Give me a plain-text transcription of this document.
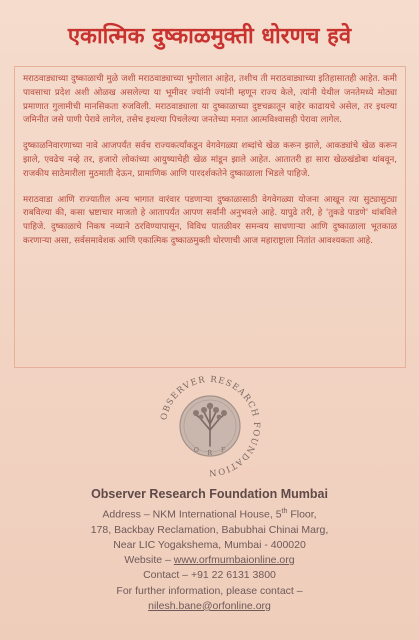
एकात्मिक दुष्काळमुक्ती धोरणच हवे

मराठवाड्याच्या दुष्काळाची मुळे जशी मराठवाड्याच्या भुगोलात आहेत, तशीच ती मराठवाड्याच्या इतिहासातही आहेत. कमी पावसाचा प्रदेश अशी ओळख असलेल्या या भूमीवर ज्यांनी ज्यांनी म्हणून राज्य केले, त्यांनी येथील जनतेमध्ये मोठ्या प्रमाणात गुलामीची मानसिकता रुजविली. मराठवाड्याला या दुष्काळाच्या दुष्टचक्रातून बाहेर काढायचे असेल, तर इथल्या जमिनीत जसे पाणी पेरावे लागेल, तसेच इथल्या पिचलेल्या जनतेच्या मनात आत्मविश्वासही पेरावा लागेल.

दुष्काळनिवारणाच्या नावे आजपर्यंत सर्वच राज्यकर्त्यांकडून वेगवेगळ्या शब्दांचे खेळ करून झाले, आकड्यांचे खेळ करून झाले, एवढेच नव्हे तर, हजारो लोकांच्या आयुष्याचेही खेळ मांडून झाले आहेत. आतातरी हा सारा खेळखंडोबा थांबवून, राजकीय साठेमारीला मुठमाती देऊन, प्रामाणिक आणि पारदर्शकतेने दुष्काळाला भिडले पाहिजे.

मराठवाडा आणि राज्यातील अन्य भागात वारंवार पडणाऱ्या दुष्काळासाठी वेगवेगळ्या योजना आखून त्या सुट्यासुट्या राबविल्या की, कसा भ्रष्टाचार माजतो हे आतापर्यंत आपण सर्वांनी अनुभवले आहे. यापुढे तरी, हे 'तुकडे पाडणे' थांबविले पाहिजे. दुष्काळाचे निकष नव्याने ठरविण्यापासून, विविध पातळीवर समन्वय साधणाऱ्या आणि दुष्काळाला भूतकाळ करणाऱ्या असा, सर्वसमावेशक आणि एकात्मिक दुष्काळमुक्ती धोरणाची आज महाराष्ट्राला नितांत आवश्यकता आहे.

O R F
OBSERVER RESEARCH FOUNDATION
Observer Research Foundation Mumbai
Address – NKM International House, 5th Floor,
178, Backbay Reclamation, Babubhai Chinai Marg,
Near LIC Yogakshema, Mumbai - 400020
Website – www.orfmumbaionline.org
Contact – +91 22 6131 3800
For further information, please contact –
nilesh.bane@orfonline.org
